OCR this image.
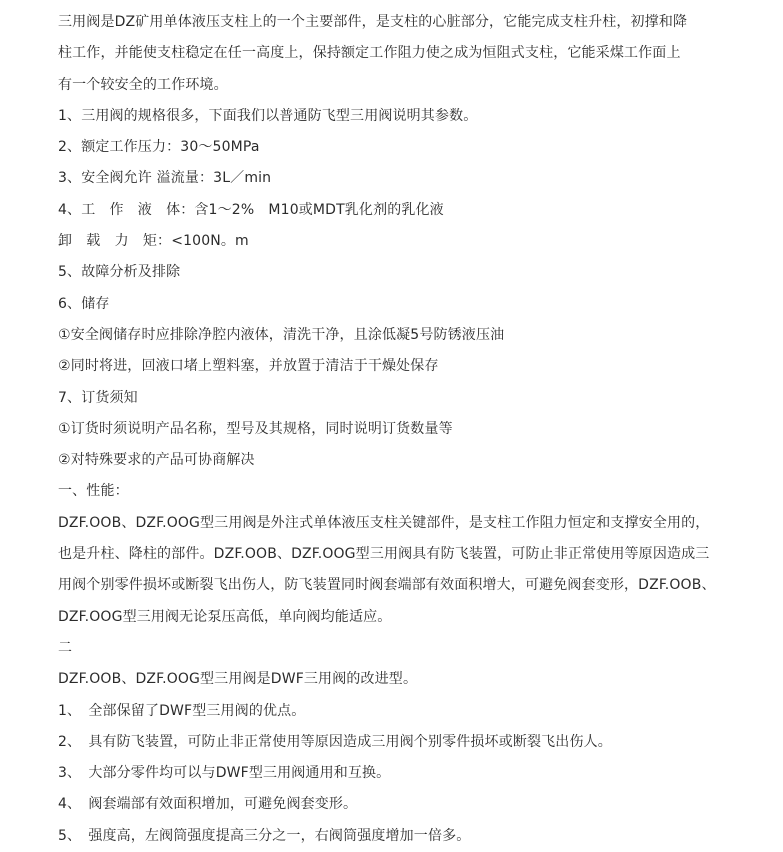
三用阀是DZ矿用单体液压支柱上的一个主要部件，是支柱的心脏部分，它能完成支柱升柱，初撑和降

柱工作，并能使支柱稳定在任一高度上，保持额定工作阻力使之成为恒阻式支柱，它能采煤工作面上

有一个较安全的工作环境。

1、三用阀的规格很多，下面我们以普通防飞型三用阀说明其参数。

2、额定工作压力：30～50MPa

3、安全阀允许 溢流量：3L／min

4、工　作　液　体：含1～2%　M10或MDT乳化剂的乳化液

卸　载　力　矩：<100N。m

5、故障分析及排除

6、储存

①安全阀储存时应排除净腔内液体，清洗干净，且涂低凝5号防锈液压油

②同时将进，回液口堵上塑料塞，并放置于清洁于干燥处保存

7、订货须知

①订货时须说明产品名称，型号及其规格，同时说明订货数量等

②对特殊要求的产品可协商解决

一、性能：

DZF.OOB、DZF.OOG型三用阀是外注式单体液压支柱关键部件，是支柱工作阻力恒定和支撑安全用的，

也是升柱、降柱的部件。DZF.OOB、DZF.OOG型三用阀具有防飞装置，可防止非正常使用等原因造成三

用阀个别零件损坏或断裂飞出伤人，防飞装置同时阀套端部有效面积增大，可避免阀套变形，DZF.OOB、

DZF.OOG型三用阀无论泵压高低，单向阀均能适应。

二

DZF.OOB、DZF.OOG型三用阀是DWF三用阀的改进型。

1、　全部保留了DWF型三用阀的优点。

2、　具有防飞装置，可防止非正常使用等原因造成三用阀个别零件损坏或断裂飞出伤人。

3、　大部分零件均可以与DWF型三用阀通用和互换。

4、　阀套端部有效面积增加，可避免阀套变形。

5、　强度高，左阀筒强度提高三分之一，右阀筒强度增加一倍多。
